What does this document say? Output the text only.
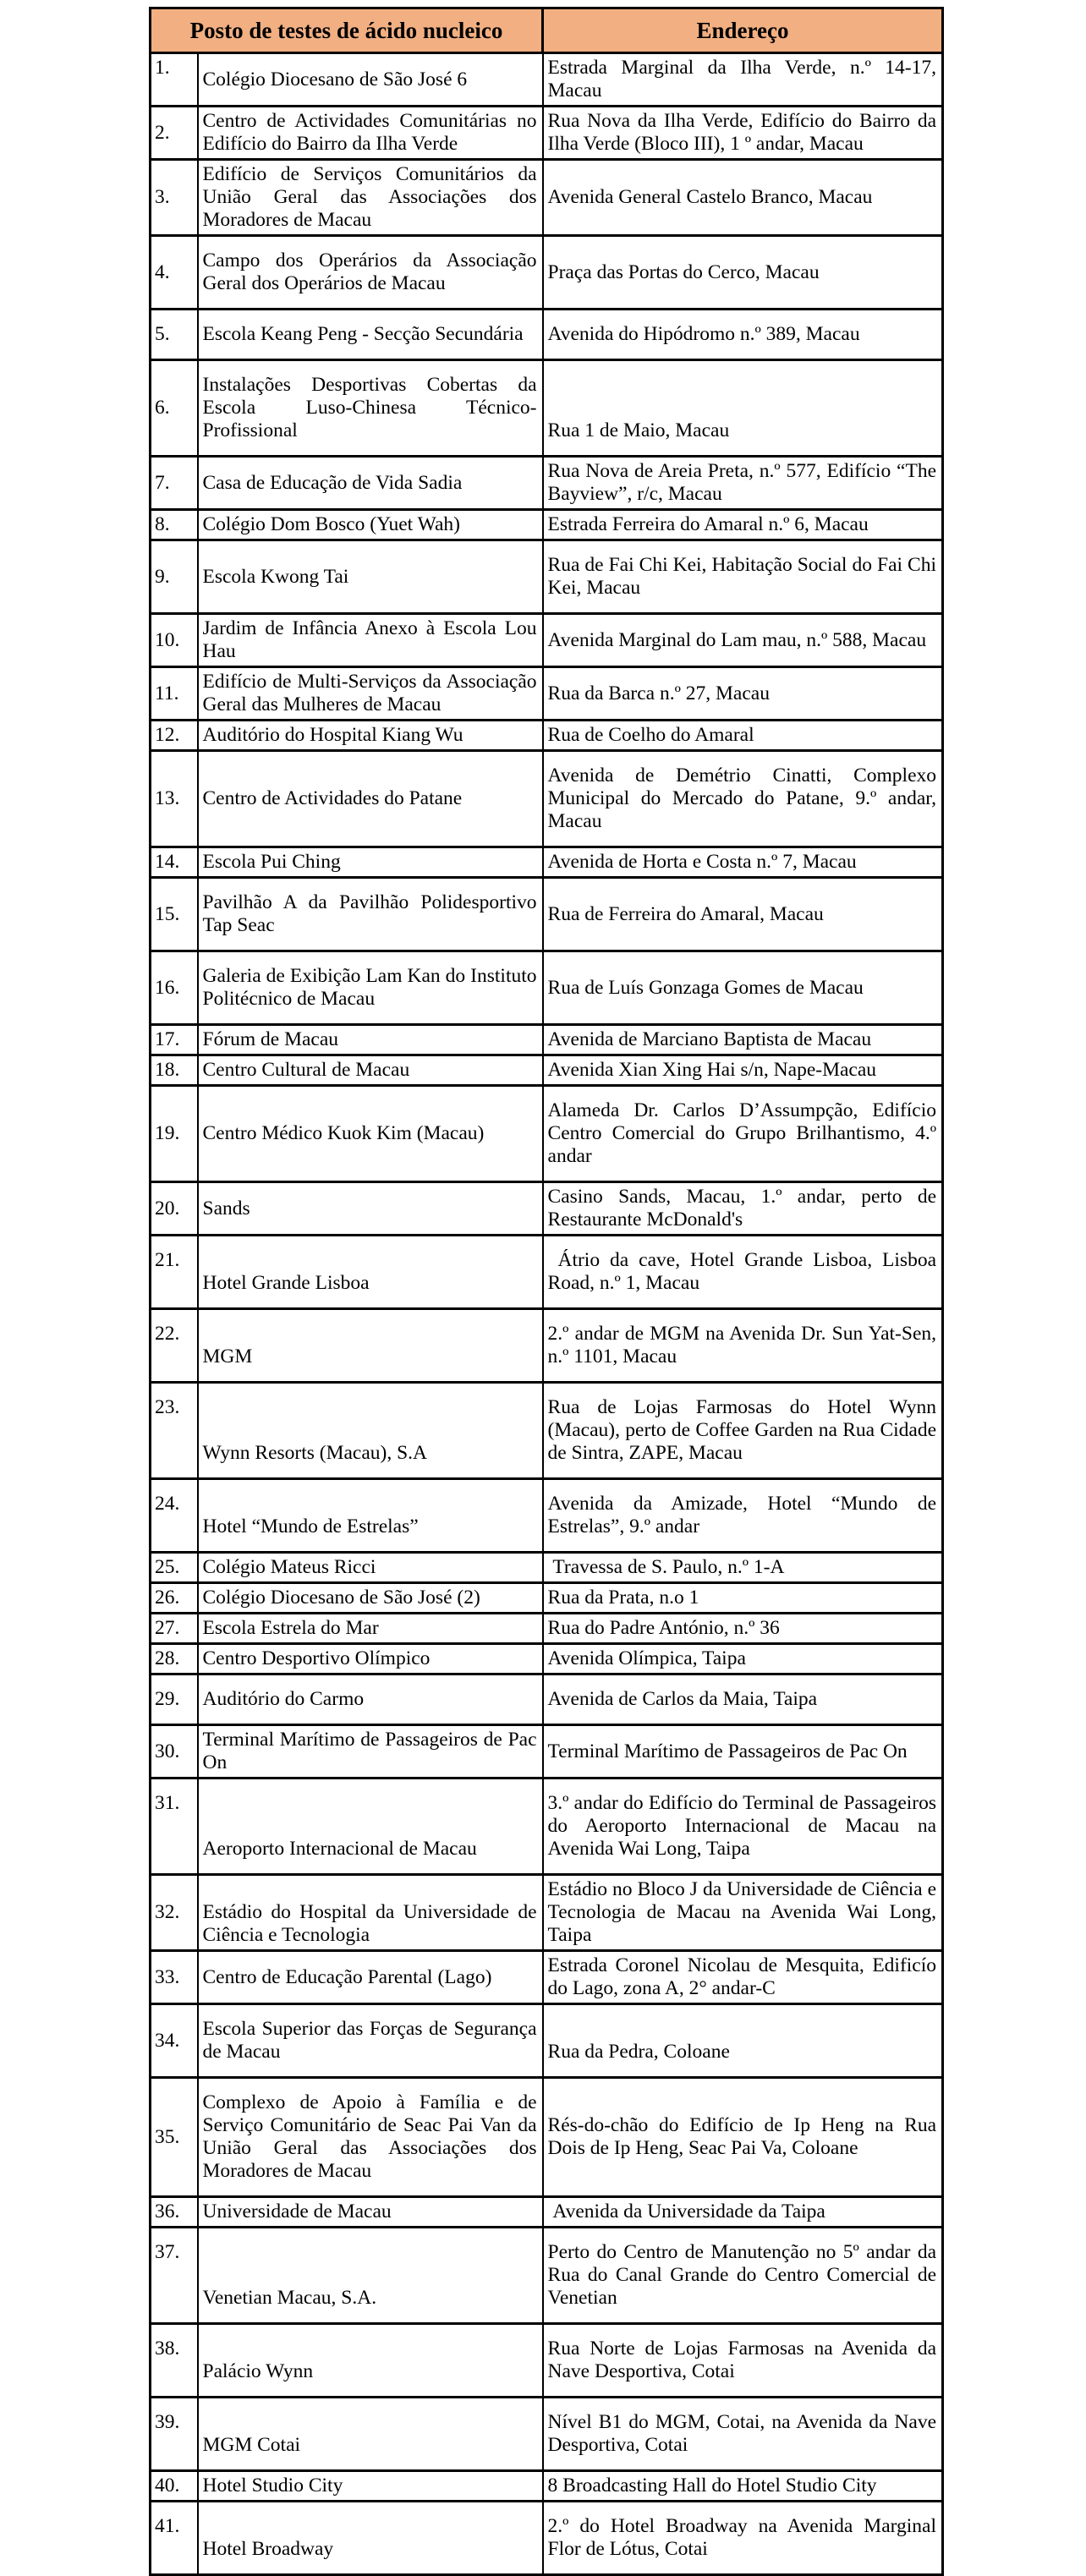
Posto de testes de ácido nucleico		Endereço
1.	Colégio Diocesano de São José 6	Estrada Marginal da Ilha Verde, n.º 14-17, Macau
2.	Centro de Actividades Comunitárias no Edifício do Bairro da Ilha Verde	Rua Nova da Ilha Verde, Edifício do Bairro da Ilha Verde (Bloco III), 1 º andar, Macau
3.	Edifício de Serviços Comunitários da União Geral das Associações dos Moradores de Macau	Avenida General Castelo Branco, Macau
4.	Campo dos Operários da Associação Geral dos Operários de Macau	Praça das Portas do Cerco, Macau
5.	Escola Keang Peng - Secção Secundária	Avenida do Hipódromo n.º 389, Macau
6.	Instalações Desportivas Cobertas da Escola Luso-Chinesa Técnico-Profissional	Rua 1 de Maio, Macau
7.	Casa de Educação de Vida Sadia	Rua Nova de Areia Preta, n.º 577, Edifício “The Bayview”, r/c, Macau
8.	Colégio Dom Bosco (Yuet Wah)	Estrada Ferreira do Amaral n.º 6, Macau
9.	Escola Kwong Tai	Rua de Fai Chi Kei, Habitação Social do Fai Chi Kei, Macau
10.	Jardim de Infância Anexo à Escola Lou Hau	Avenida Marginal do Lam mau, n.º 588, Macau
11.	Edifício de Multi-Serviços da Associação Geral das Mulheres de Macau	Rua da Barca n.º 27, Macau
12.	Auditório do Hospital Kiang Wu	Rua de Coelho do Amaral
13.	Centro de Actividades do Patane	Avenida de Demétrio Cinatti, Complexo Municipal do Mercado do Patane, 9.º andar, Macau
14.	Escola Pui Ching	Avenida de Horta e Costa n.º 7, Macau
15.	Pavilhão A da Pavilhão Polidesportivo Tap Seac	Rua de Ferreira do Amaral, Macau
16.	Galeria de Exibição Lam Kan do Instituto Politécnico de Macau	Rua de Luís Gonzaga Gomes de Macau
17.	Fórum de Macau	Avenida de Marciano Baptista de Macau
18.	Centro Cultural de Macau	Avenida Xian Xing Hai s/n, Nape-Macau
19.	Centro Médico Kuok Kim (Macau)	Alameda Dr. Carlos D’Assumpção, Edifício Centro Comercial do Grupo Brilhantismo, 4.º andar
20.	Sands	Casino Sands, Macau, 1.º andar, perto de Restaurante McDonald's
21.	Hotel Grande Lisboa	Átrio da cave, Hotel Grande Lisboa, Lisboa Road, n.º 1, Macau
22.	MGM	2.º andar de MGM na Avenida Dr. Sun Yat-Sen, n.º 1101, Macau
23.	Wynn Resorts (Macau), S.A	Rua de Lojas Farmosas do Hotel Wynn (Macau), perto de Coffee Garden na Rua Cidade de Sintra, ZAPE, Macau
24.	Hotel “Mundo de Estrelas”	Avenida da Amizade, Hotel “Mundo de Estrelas”, 9.º andar
25.	Colégio Mateus Ricci	Travessa de S. Paulo, n.º 1-A
26.	Colégio Diocesano de São José (2)	Rua da Prata, n.o 1
27.	Escola Estrela do Mar	Rua do Padre António, n.º 36
28.	Centro Desportivo Olímpico	Avenida Olímpica, Taipa
29.	Auditório do Carmo	Avenida de Carlos da Maia, Taipa
30.	Terminal Marítimo de Passageiros de Pac On	Terminal Marítimo de Passageiros de Pac On
31.	Aeroporto Internacional de Macau	3.º andar do Edifício do Terminal de Passageiros do Aeroporto Internacional de Macau na Avenida Wai Long, Taipa
32.	Estádio do Hospital da Universidade de Ciência e Tecnologia	Estádio no Bloco J da Universidade de Ciência e Tecnologia de Macau na Avenida Wai Long, Taipa
33.	Centro de Educação Parental (Lago)	Estrada Coronel Nicolau de Mesquita, Edificío do Lago, zona A, 2° andar-C
34.	Escola Superior das Forças de Segurança de Macau	Rua da Pedra, Coloane
35.	Complexo de Apoio à Família e de Serviço Comunitário de Seac Pai Van da União Geral das Associações dos Moradores de Macau	Rés-do-chão do Edifício de Ip Heng na Rua Dois de Ip Heng, Seac Pai Va, Coloane
36.	Universidade de Macau	Avenida da Universidade da Taipa
37.	Venetian Macau, S.A.	Perto do Centro de Manutenção no 5º andar da Rua do Canal Grande do Centro Comercial de Venetian
38.	Palácio Wynn	Rua Norte de Lojas Farmosas na Avenida da Nave Desportiva, Cotai
39.	MGM Cotai	Nível B1 do MGM, Cotai, na Avenida da Nave Desportiva, Cotai
40.	Hotel Studio City	8 Broadcasting Hall do Hotel Studio City
41.	Hotel Broadway	2.º do Hotel Broadway na Avenida Marginal Flor de Lótus, Cotai
